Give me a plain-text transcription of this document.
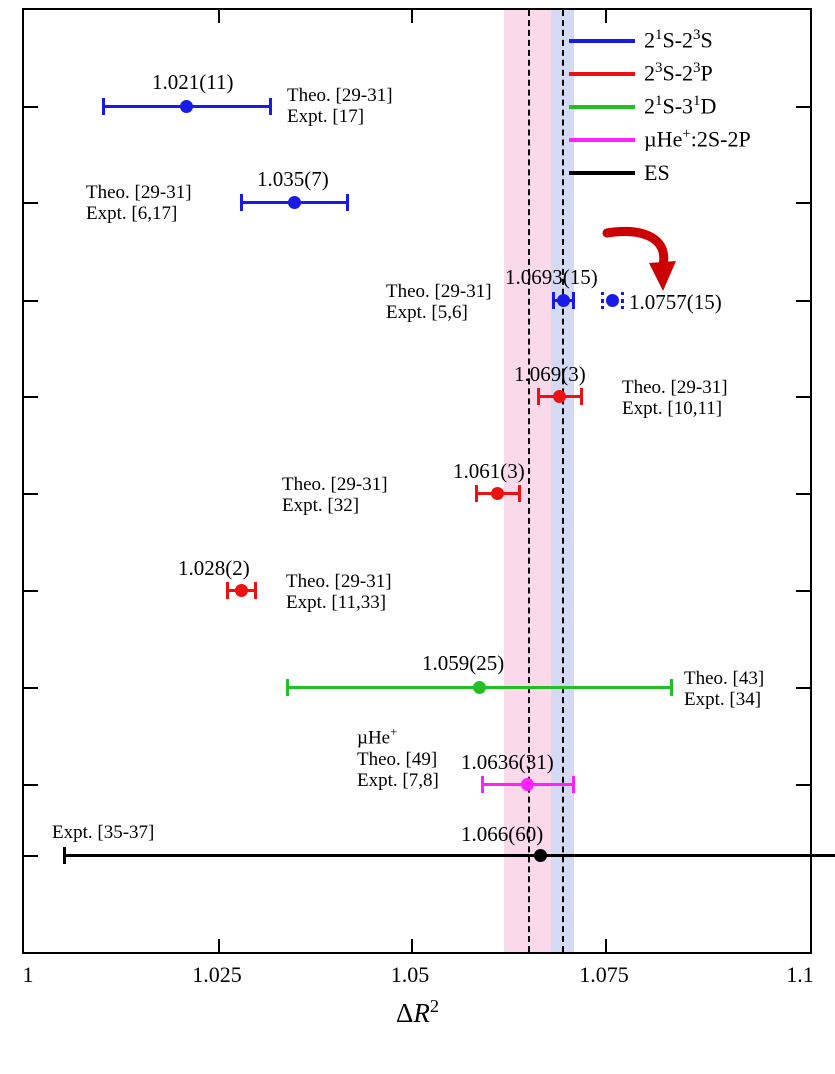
$2^1S-2^3S$
$2^3S-2^3P$
$2^1S-3^1D$
µHe+:2S-2P
ES
1.021(11)
Theo. [29-31]
Expt. [17]
1.035(7)
Theo. [29-31]
Expt. [6,17]
1.0693(15)
Theo. [29-31]
Expt. [5,6]	1.0757(15)
1.069(3)
Theo. [29-31]
Expt. [10,11]
1.061(3)
Theo. [29-31]
Expt. [32]
1.028(2)
Theo. [29-31]
Expt. [11,33]
1.059(25)
Theo. [43]
Expt. [34]
1.0636(31)
µHe+
Theo. [49]
Expt. [7,8]
1.066(60)
Expt. [35-37]
1	1.025	1.05	1.075	1.1
$\Delta R^2$
